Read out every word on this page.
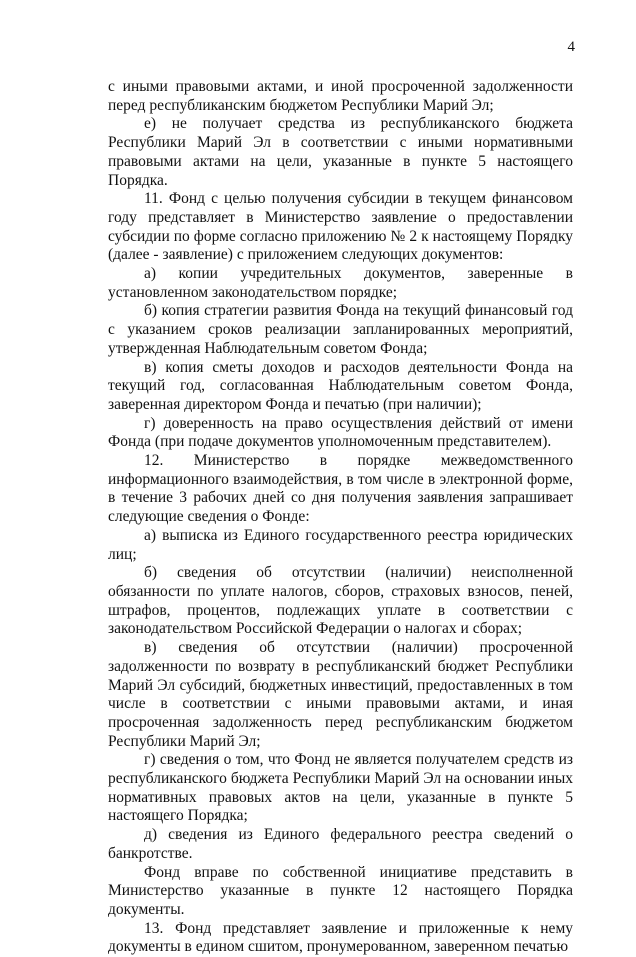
4

с иными правовыми актами, и иной просроченной задолженности перед республиканским бюджетом Республики Марий Эл;

е) не получает средства из республиканского бюджета Республики Марий Эл в соответствии с иными нормативными правовыми актами на цели, указанные в пункте 5 настоящего Порядка.

11. Фонд с целью получения субсидии в текущем финансовом году представляет в Министерство заявление о предоставлении субсидии по форме согласно приложению № 2 к настоящему Порядку (далее - заявление) с приложением следующих документов:

а) копии учредительных документов, заверенные в установленном законодательством порядке;

б) копия стратегии развития Фонда на текущий финансовый год с указанием сроков реализации запланированных мероприятий, утвержденная Наблюдательным советом Фонда;

в) копия сметы доходов и расходов деятельности Фонда на текущий год, согласованная Наблюдательным советом Фонда, заверенная директором Фонда и печатью (при наличии);

г) доверенность на право осуществления действий от имени Фонда (при подаче документов уполномоченным представителем).

12. Министерство в порядке межведомственного информационного взаимодействия, в том числе в электронной форме, в течение 3 рабочих дней со дня получения заявления запрашивает следующие сведения о Фонде:

а) выписка из Единого государственного реестра юридических лиц;

б) сведения об отсутствии (наличии) неисполненной обязанности по уплате налогов, сборов, страховых взносов, пеней, штрафов, процентов, подлежащих уплате в соответствии с законодательством Российской Федерации о налогах и сборах;

в) сведения об отсутствии (наличии) просроченной задолженности по возврату в республиканский бюджет Республики Марий Эл субсидий, бюджетных инвестиций, предоставленных в том числе в соответствии с иными правовыми актами, и иная просроченная задолженность перед республиканским бюджетом Республики Марий Эл;

г) сведения о том, что Фонд не является получателем средств из республиканского бюджета Республики Марий Эл на основании иных нормативных правовых актов на цели, указанные в пункте 5 настоящего Порядка;

д) сведения из Единого федерального реестра сведений о банкротстве.

Фонд вправе по собственной инициативе представить в Министерство указанные в пункте 12 настоящего Порядка документы.

13. Фонд представляет заявление и приложенные к нему документы в едином сшитом, пронумерованном, заверенном печатью
